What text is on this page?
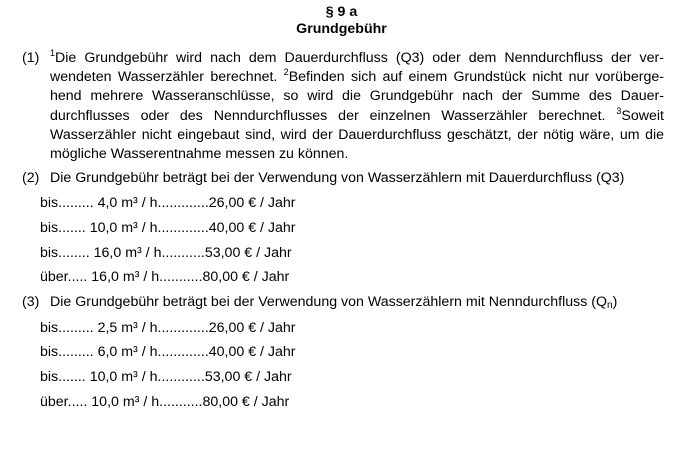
§ 9 a
Grundgebühr
(1) $^1$Die Grundgebühr wird nach dem Dauerdurchfluss (Q3) oder dem Nenndurchfluss der ver-
wendeten Wasserzähler berechnet. $^2$Befinden sich auf einem Grundstück nicht nur vorüberge-
hend mehrere Wasseranschlüsse, so wird die Grundgebühr nach der Summe des Dauer-
durchflusses oder des Nenndurchflusses der einzelnen Wasserzähler berechnet. $^3$Soweit
Wasserzähler nicht eingebaut sind, wird der Dauerdurchfluss geschätzt, der nötig wäre, um die
mögliche Wasserentnahme messen zu können.
(2) Die Grundgebühr beträgt bei der Verwendung von Wasserzählern mit Dauerdurchfluss (Q3)
bis......... 4,0 m³ / h.............26,00 € / Jahr
bis....... 10,0 m³ / h.............40,00 € / Jahr
bis........ 16,0 m³ / h...........53,00 € / Jahr
über..... 16,0 m³ / h...........80,00 € / Jahr
(3) Die Grundgebühr beträgt bei der Verwendung von Wasserzählern mit Nenndurchfluss (Qn)
bis......... 2,5 m³ / h.............26,00 € / Jahr
bis......... 6,0 m³ / h.............40,00 € / Jahr
bis....... 10,0 m³ / h............53,00 € / Jahr
über..... 10,0 m³ / h...........80,00 € / Jahr
